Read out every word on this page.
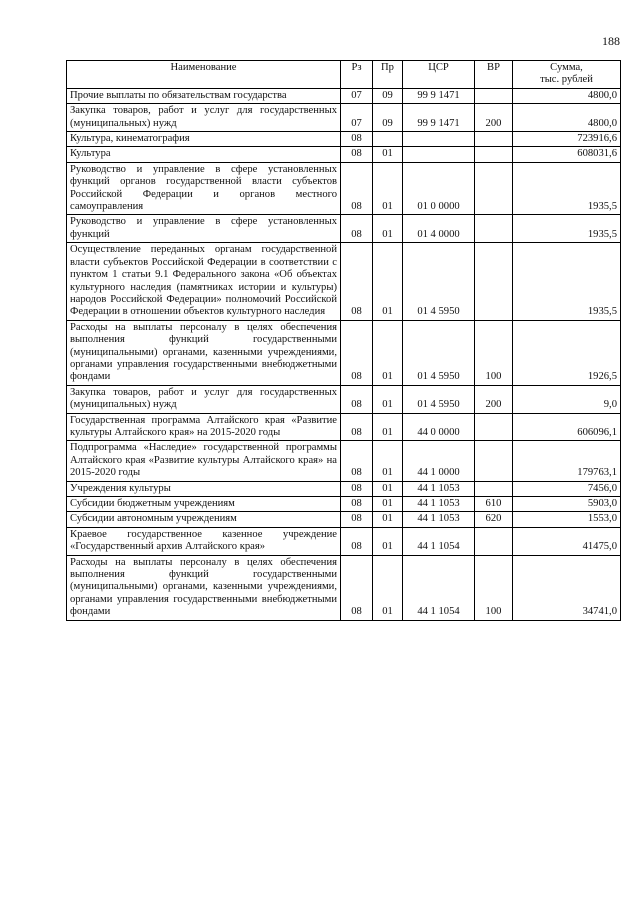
188
Наименование	Рз	Пр	ЦСР	ВР	Сумма,
тыс. рублей
Прочие выплаты по обязательствам государства	07	09	99 9 1471		4800,0
Закупка товаров, работ и услуг для государственных (муниципальных) нужд	07	09	99 9 1471	200	4800,0
Культура, кинематография	08				723916,6
Культура	08	01			608031,6
Руководство и управление в сфере установленных функций органов государственной власти субъектов Российской Федерации и органов местного самоуправления	08	01	01 0 0000		1935,5
Руководство и управление в сфере установленных функций	08	01	01 4 0000		1935,5
Осуществление переданных органам государственной власти субъектов Российской Федерации в соответствии с пунктом 1 статьи 9.1 Федерального закона «Об объектах культурного наследия (памятниках истории и культуры) народов Российской Федерации» полномочий Российской Федерации в отношении объектов культурного наследия	08	01	01 4 5950		1935,5
Расходы на выплаты персоналу в целях обеспечения выполнения функций государственными (муниципальными) органами, казенными учреждениями, органами управления государственными внебюджетными фондами	08	01	01 4 5950	100	1926,5
Закупка товаров, работ и услуг для государственных (муниципальных) нужд	08	01	01 4 5950	200	9,0
Государственная программа Алтайского края «Развитие культуры Алтайского края» на 2015-2020 годы	08	01	44 0 0000		606096,1
Подпрограмма «Наследие» государственной программы Алтайского края «Развитие культуры Алтайского края» на 2015-2020 годы	08	01	44 1 0000		179763,1
Учреждения культуры	08	01	44 1 1053		7456,0
Субсидии бюджетным учреждениям	08	01	44 1 1053	610	5903,0
Субсидии автономным учреждениям	08	01	44 1 1053	620	1553,0
Краевое государственное казенное учреждение «Государственный архив Алтайского края»	08	01	44 1 1054		41475,0
Расходы на выплаты персоналу в целях обеспечения выполнения функций государственными (муниципальными) органами, казенными учреждениями, органами управления государственными внебюджетными фондами	08	01	44 1 1054	100	34741,0
